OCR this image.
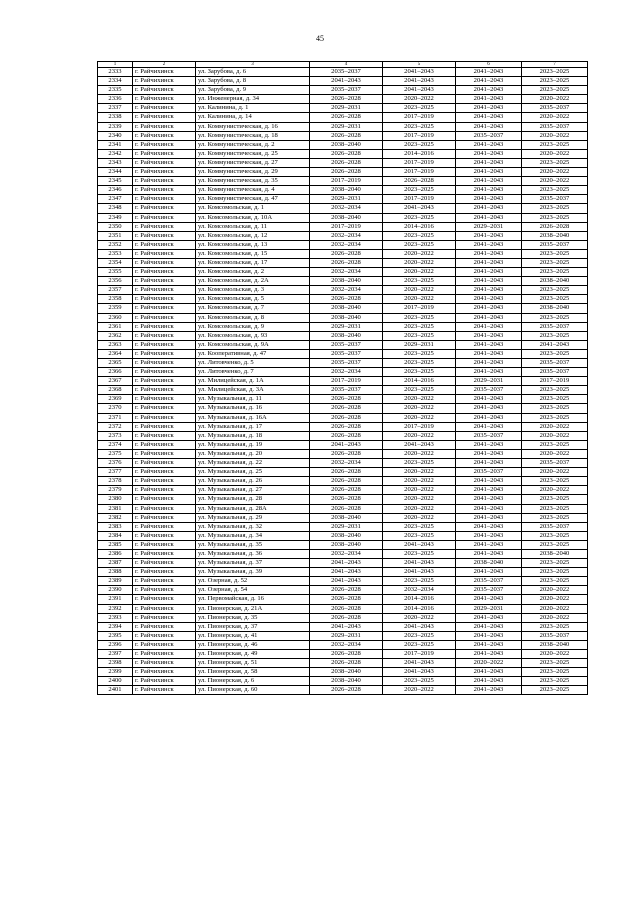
45
1	2	3	4	5	6	7
2333	г. Райчихинск	ул. Зарубова, д. 6	2035–2037	2041–2043	2041–2043	2023–2025
2334	г. Райчихинск	ул. Зарубова, д. 8	2041–2043	2041–2043	2041–2043	2023–2025
2335	г. Райчихинск	ул. Зарубова, д. 9	2035–2037	2041–2043	2041–2043	2023–2025
2336	г. Райчихинск	ул. Инженерная, д. 34	2026–2028	2020–2022	2041–2043	2020–2022
2337	г. Райчихинск	ул. Калинина, д. 1	2029–2031	2023–2025	2041–2043	2035–2037
2338	г. Райчихинск	ул. Калинина, д. 14	2026–2028	2017–2019	2041–2043	2020–2022
2339	г. Райчихинск	ул. Коммунистическая, д. 16	2029–2031	2023–2025	2041–2043	2035–2037
2340	г. Райчихинск	ул. Коммунистическая, д. 18	2026–2028	2017–2019	2035–2037	2020–2022
2341	г. Райчихинск	ул. Коммунистическая, д. 2	2038–2040	2023–2025	2041–2043	2023–2025
2342	г. Райчихинск	ул. Коммунистическая, д. 25	2026–2028	2014–2016	2041–2043	2020–2022
2343	г. Райчихинск	ул. Коммунистическая, д. 27	2026–2028	2017–2019	2041–2043	2023–2025
2344	г. Райчихинск	ул. Коммунистическая, д. 29	2026–2028	2017–2019	2041–2043	2020–2022
2345	г. Райчихинск	ул. Коммунистическая, д. 35	2017–2019	2026–2028	2041–2043	2020–2022
2346	г. Райчихинск	ул. Коммунистическая, д. 4	2038–2040	2023–2025	2041–2043	2023–2025
2347	г. Райчихинск	ул. Коммунистическая, д. 47	2029–2031	2017–2019	2041–2043	2035–2037
2348	г. Райчихинск	ул. Комсомольская, д. 1	2032–2034	2041–2043	2041–2043	2023–2025
2349	г. Райчихинск	ул. Комсомольская, д. 10А	2038–2040	2023–2025	2041–2043	2023–2025
2350	г. Райчихинск	ул. Комсомольская, д. 11	2017–2019	2014–2016	2029–2031	2026–2028
2351	г. Райчихинск	ул. Комсомольская, д. 12	2032–2034	2023–2025	2041–2043	2038–2040
2352	г. Райчихинск	ул. Комсомольская, д. 13	2032–2034	2023–2025	2041–2043	2035–2037
2353	г. Райчихинск	ул. Комсомольская, д. 15	2026–2028	2020–2022	2041–2043	2023–2025
2354	г. Райчихинск	ул. Комсомольская, д. 17	2026–2028	2020–2022	2041–2043	2023–2025
2355	г. Райчихинск	ул. Комсомольская, д. 2	2032–2034	2020–2022	2041–2043	2023–2025
2356	г. Райчихинск	ул. Комсомольская, д. 2А	2038–2040	2023–2025	2041–2043	2038–2040
2357	г. Райчихинск	ул. Комсомольская, д. 3	2032–2034	2020–2022	2041–2043	2023–2025
2358	г. Райчихинск	ул. Комсомольская, д. 5	2026–2028	2020–2022	2041–2043	2023–2025
2359	г. Райчихинск	ул. Комсомольская, д. 7	2038–2040	2017–2019	2041–2043	2038–2040
2360	г. Райчихинск	ул. Комсомольская, д. 8	2038–2040	2023–2025	2041–2043	2023–2025
2361	г. Райчихинск	ул. Комсомольская, д. 9	2029–2031	2023–2025	2041–2043	2035–2037
2362	г. Райчихинск	ул. Комсомольская, д. 93	2038–2040	2023–2025	2041–2043	2023–2025
2363	г. Райчихинск	ул. Комсомольская, д. 9А	2035–2037	2029–2031	2041–2043	2041–2043
2364	г. Райчихинск	ул. Кооперативная, д. 47	2035–2037	2023–2025	2041–2043	2023–2025
2365	г. Райчихинск	ул. Литовченко, д. 5	2035–2037	2023–2025	2041–2043	2035–2037
2366	г. Райчихинск	ул. Литовченко, д. 7	2032–2034	2023–2025	2041–2043	2035–2037
2367	г. Райчихинск	ул. Милицейская, д. 1А	2017–2019	2014–2016	2029–2031	2017–2019
2368	г. Райчихинск	ул. Милицейская, д. 3А	2035–2037	2023–2025	2035–2037	2023–2025
2369	г. Райчихинск	ул. Музыкальная, д. 11	2026–2028	2020–2022	2041–2043	2023–2025
2370	г. Райчихинск	ул. Музыкальная, д. 16	2026–2028	2020–2022	2041–2043	2023–2025
2371	г. Райчихинск	ул. Музыкальная, д. 16А	2026–2028	2020–2022	2041–2043	2023–2025
2372	г. Райчихинск	ул. Музыкальная, д. 17	2026–2028	2017–2019	2041–2043	2020–2022
2373	г. Райчихинск	ул. Музыкальная, д. 18	2026–2028	2020–2022	2035–2037	2020–2022
2374	г. Райчихинск	ул. Музыкальная, д. 19	2041–2043	2041–2043	2041–2043	2023–2025
2375	г. Райчихинск	ул. Музыкальная, д. 20	2026–2028	2020–2022	2041–2043	2020–2022
2376	г. Райчихинск	ул. Музыкальная, д. 22	2032–2034	2023–2025	2041–2043	2035–2037
2377	г. Райчихинск	ул. Музыкальная, д. 25	2026–2028	2020–2022	2035–2037	2020–2022
2378	г. Райчихинск	ул. Музыкальная, д. 26	2026–2028	2020–2022	2041–2043	2023–2025
2379	г. Райчихинск	ул. Музыкальная, д. 27	2026–2028	2020–2022	2041–2043	2020–2022
2380	г. Райчихинск	ул. Музыкальная, д. 28	2026–2028	2020–2022	2041–2043	2023–2025
2381	г. Райчихинск	ул. Музыкальная, д. 28А	2026–2028	2020–2022	2041–2043	2023–2025
2382	г. Райчихинск	ул. Музыкальная, д. 29	2038–2040	2020–2022	2041–2043	2023–2025
2383	г. Райчихинск	ул. Музыкальная, д. 32	2029–2031	2023–2025	2041–2043	2035–2037
2384	г. Райчихинск	ул. Музыкальная, д. 34	2038–2040	2023–2025	2041–2043	2023–2025
2385	г. Райчихинск	ул. Музыкальная, д. 35	2038–2040	2041–2043	2041–2043	2023–2025
2386	г. Райчихинск	ул. Музыкальная, д. 36	2032–2034	2023–2025	2041–2043	2038–2040
2387	г. Райчихинск	ул. Музыкальная, д. 37	2041–2043	2041–2043	2038–2040	2023–2025
2388	г. Райчихинск	ул. Музыкальная, д. 39	2041–2043	2041–2043	2041–2043	2023–2025
2389	г. Райчихинск	ул. Озерная, д. 52	2041–2043	2023–2025	2035–2037	2023–2025
2390	г. Райчихинск	ул. Озерная, д. 54	2026–2028	2032–2034	2035–2037	2020–2022
2391	г. Райчихинск	ул. Первомайская, д. 16	2026–2028	2014–2016	2041–2043	2020–2022
2392	г. Райчихинск	ул. Пионерская, д. 21А	2026–2028	2014–2016	2029–2031	2020–2022
2393	г. Райчихинск	ул. Пионерская, д. 35	2026–2028	2020–2022	2041–2043	2020–2022
2394	г. Райчихинск	ул. Пионерская, д. 37	2041–2043	2041–2043	2041–2043	2023–2025
2395	г. Райчихинск	ул. Пионерская, д. 41	2029–2031	2023–2025	2041–2043	2035–2037
2396	г. Райчихинск	ул. Пионерская, д. 46	2032–2034	2023–2025	2041–2043	2038–2040
2397	г. Райчихинск	ул. Пионерская, д. 49	2026–2028	2017–2019	2041–2043	2020–2022
2398	г. Райчихинск	ул. Пионерская, д. 51	2026–2028	2041–2043	2020–2022	2023–2025
2399	г. Райчихинск	ул. Пионерская, д. 58	2038–2040	2041–2043	2041–2043	2023–2025
2400	г. Райчихинск	ул. Пионерская, д. 6	2038–2040	2023–2025	2041–2043	2023–2025
2401	г. Райчихинск	ул. Пионерская, д. 60	2026–2028	2020–2022	2041–2043	2023–2025
